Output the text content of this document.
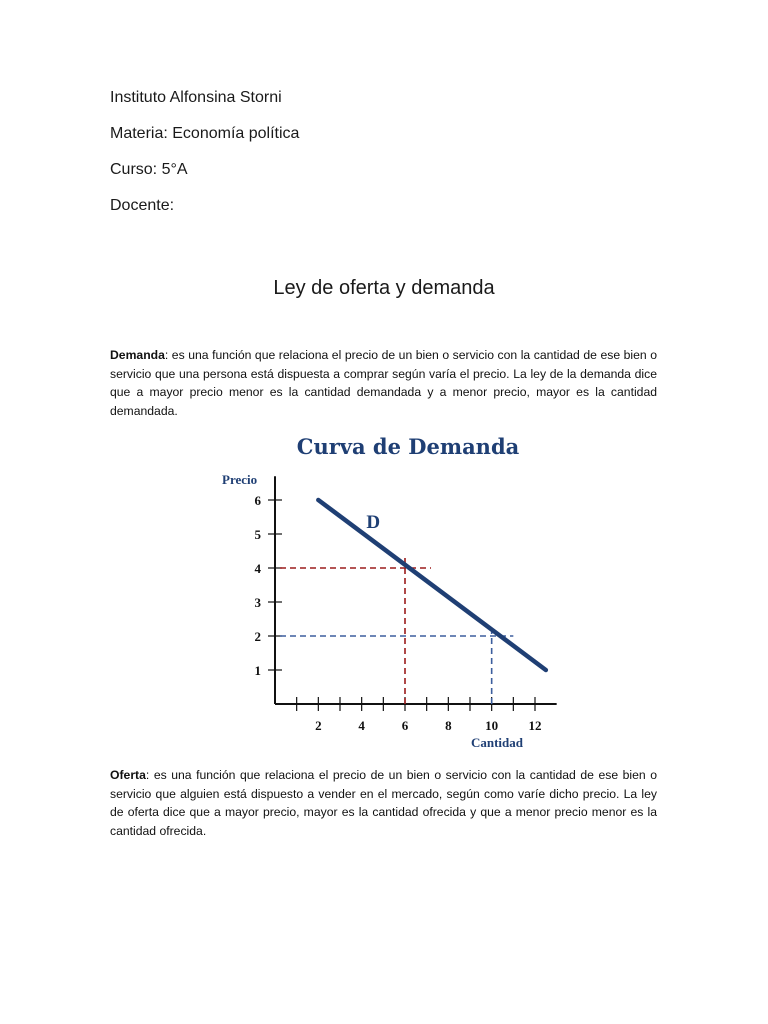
Instituto Alfonsina Storni
Materia: Economía política
Curso: 5°A
Docente:
Ley de oferta y demanda
Demanda: es una función que relaciona el precio de un bien o servicio con la cantidad de ese bien o servicio que una persona está dispuesta a comprar según varía el precio. La ley de la demanda dice que a mayor precio menor es la cantidad demandada y a menor precio, mayor es la cantidad demandada.
Curva de Demanda
Precio
Cantidad
2	4	6	8	10 12
1
2
3
4
5
6
D
Oferta: es una función que relaciona el precio de un bien o servicio con la cantidad de ese bien o servicio que alguien está dispuesto a vender en el mercado, según como varíe dicho precio. La ley de oferta dice que a mayor precio, mayor es la cantidad ofrecida y que a menor precio menor es la cantidad ofrecida.
